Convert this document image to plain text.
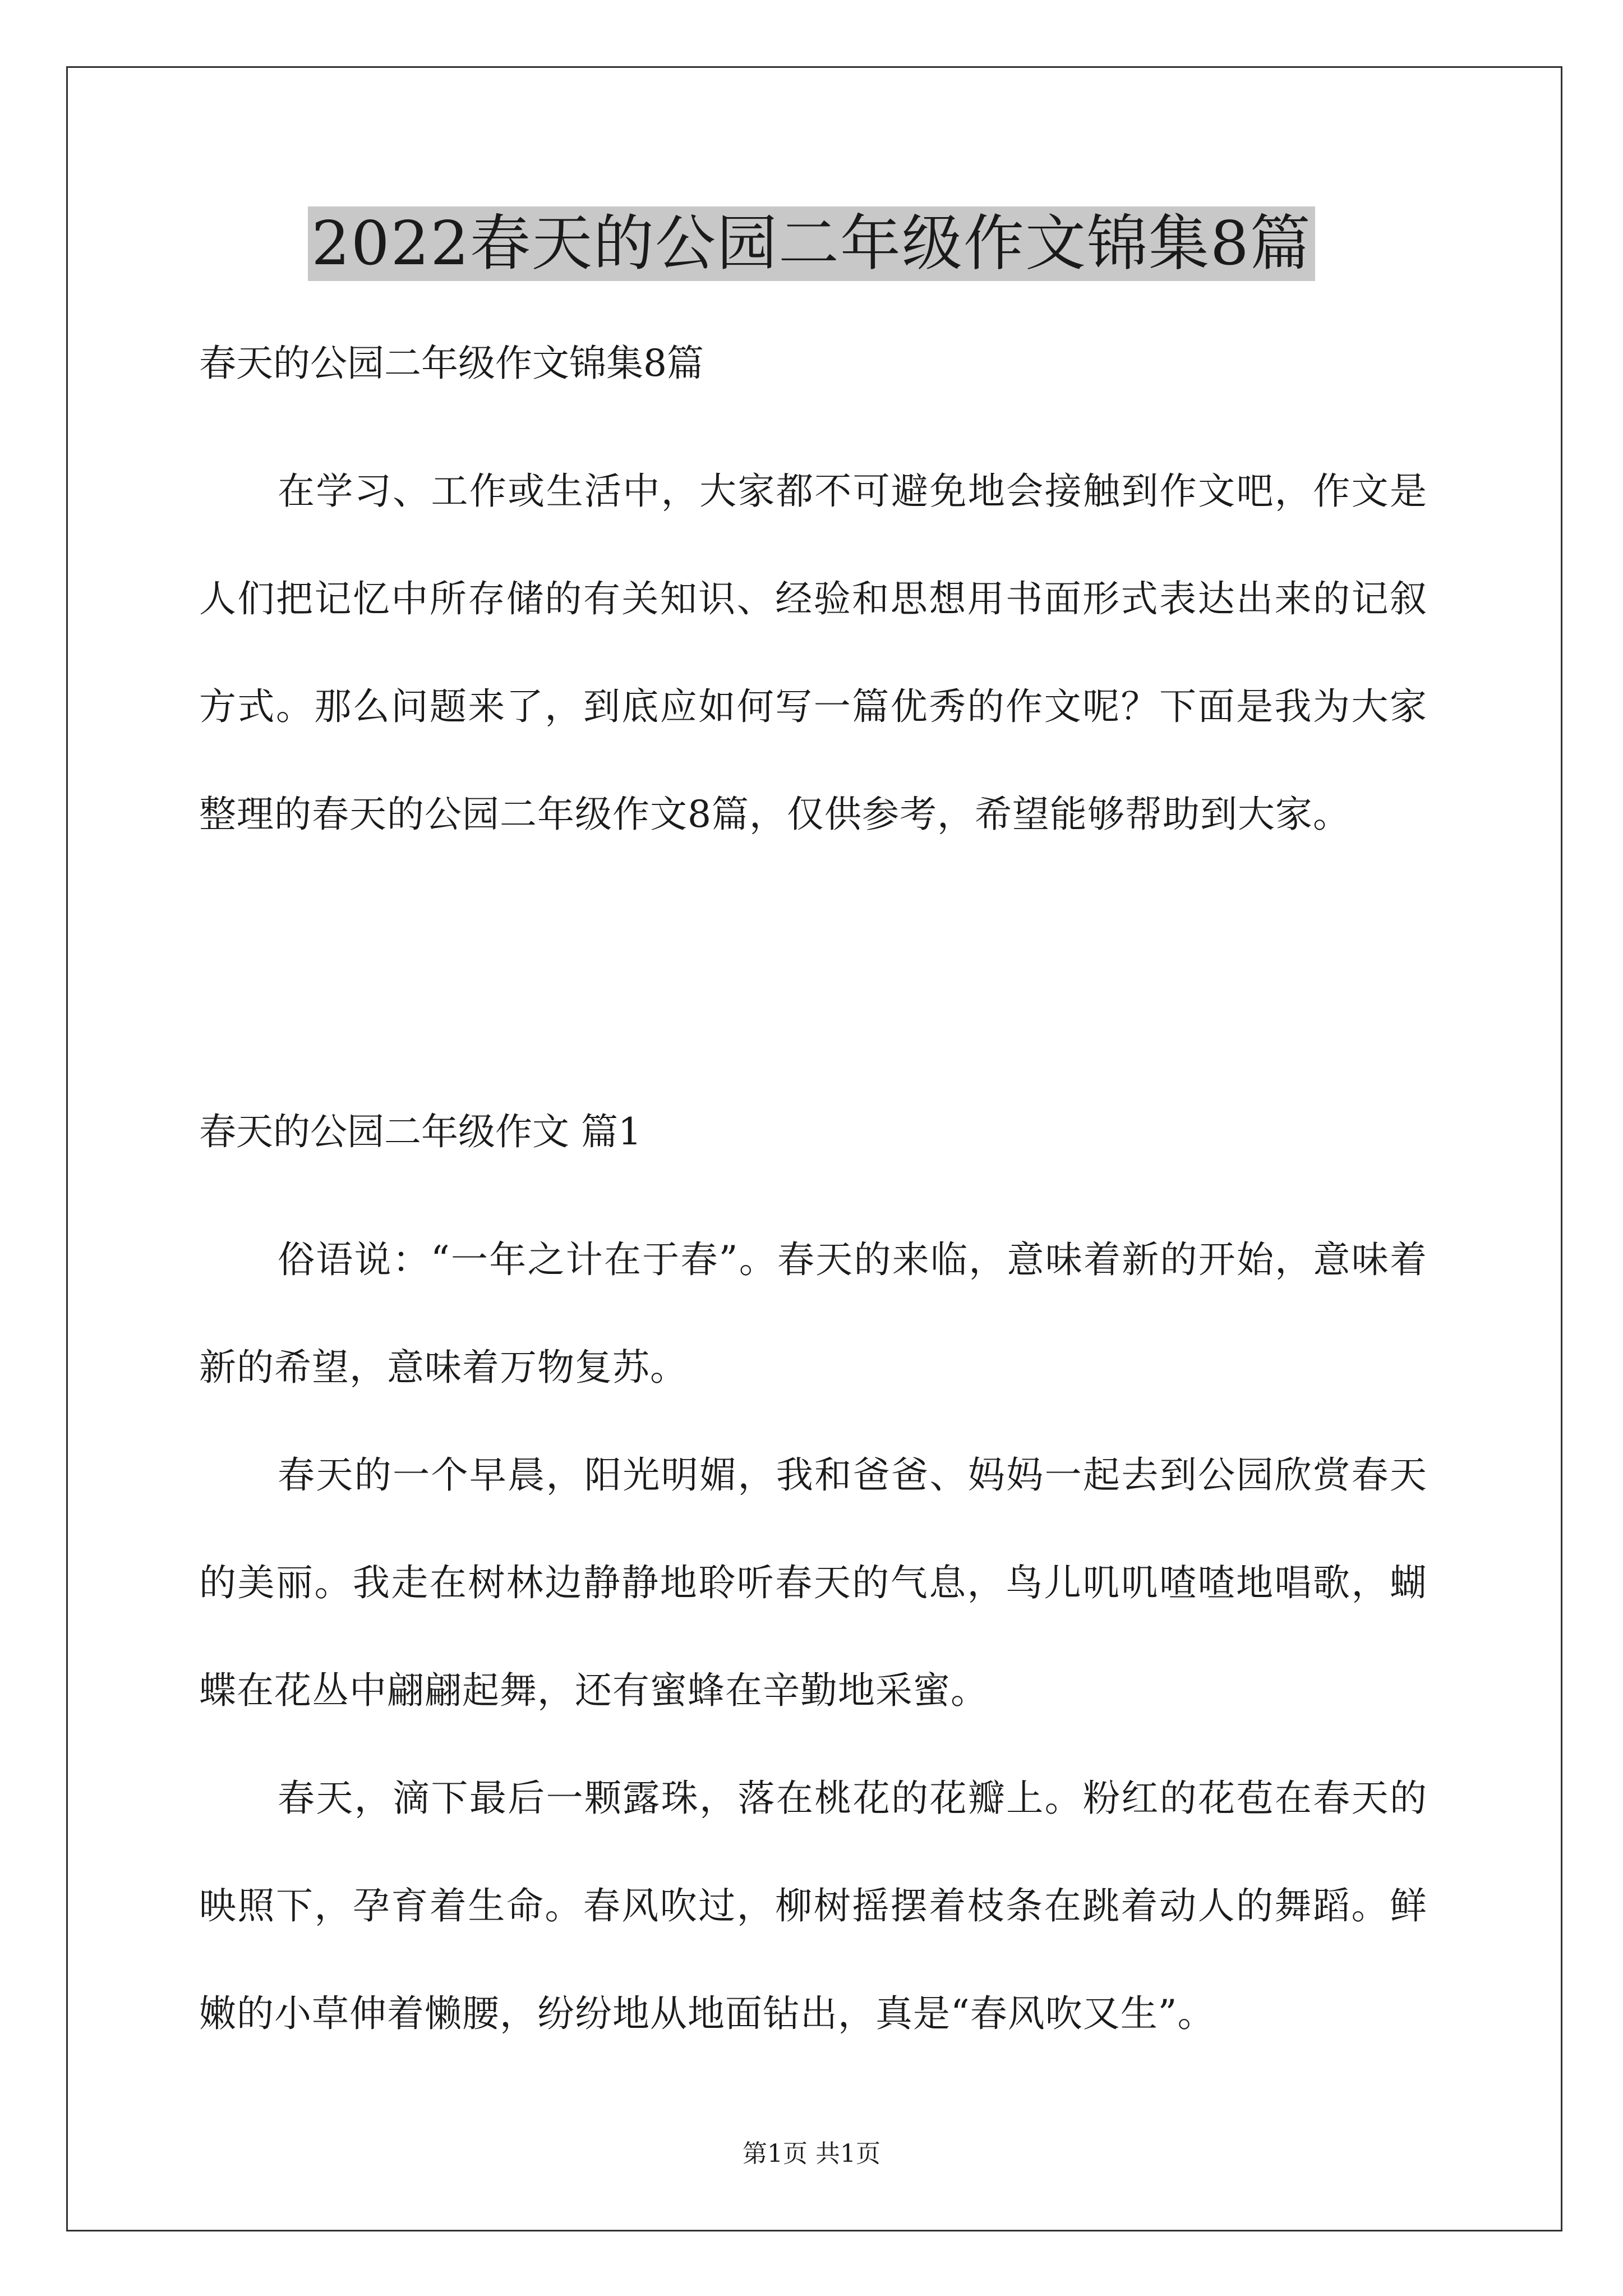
2022春天的公园二年级作文锦集8篇
春天的公园二年级作文锦集8篇

在学习、工作或生活中，大家都不可避免地会接触到作文吧，作文是人们把记忆中所存储的有关知识、经验和思想用书面形式表达出来的记叙方式。那么问题来了，到底应如何写一篇优秀的作文呢？下面是我为大家整理的春天的公园二年级作文8篇，仅供参考，希望能够帮助到大家。

春天的公园二年级作文 篇1

俗语说：“一年之计在于春”。春天的来临，意味着新的开始，意味着新的希望，意味着万物复苏。

春天的一个早晨，阳光明媚，我和爸爸、妈妈一起去到公园欣赏春天的美丽。我走在树林边静静地聆听春天的气息，鸟儿叽叽喳喳地唱歌，蝴蝶在花丛中翩翩起舞，还有蜜蜂在辛勤地采蜜。

春天，滴下最后一颗露珠，落在桃花的花瓣上。粉红的花苞在春天的映照下，孕育着生命。春风吹过，柳树摇摆着枝条在跳着动人的舞蹈。鲜嫩的小草伸着懒腰，纷纷地从地面钻出，真是“春风吹又生”。

第1页 共1页
